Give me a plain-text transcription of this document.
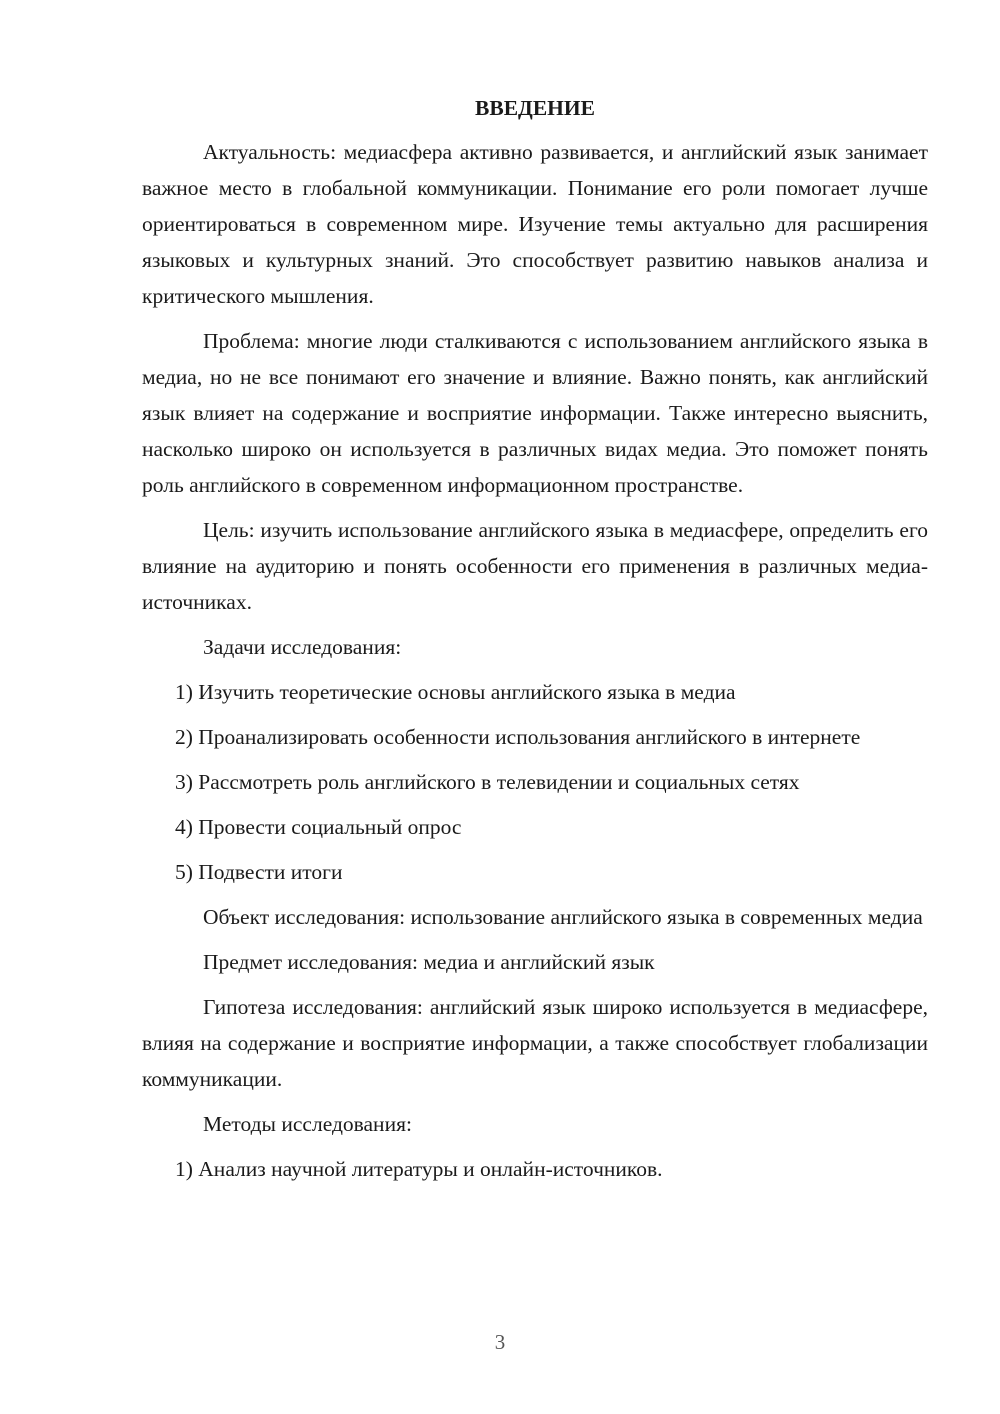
ВВЕДЕНИЕ

Актуальность: медиасфера активно развивается, и английский язык занимает важное место в глобальной коммуникации. Понимание его роли помогает лучше ориентироваться в современном мире. Изучение темы актуально для расширения языковых и культурных знаний. Это способствует развитию навыков анализа и критического мышления.

Проблема: многие люди сталкиваются с использованием английского языка в медиа, но не все понимают его значение и влияние. Важно понять, как английский язык влияет на содержание и восприятие информации. Также интересно выяснить, насколько широко он используется в различных видах медиа. Это поможет понять роль английского в современном информационном пространстве.

Цель: изучить использование английского языка в медиасфере, определить его влияние на аудиторию и понять особенности его применения в различных медиа-источниках.

Задачи исследования:

1) Изучить теоретические основы английского языка в медиа

2) Проанализировать особенности использования английского в интернете

3) Рассмотреть роль английского в телевидении и социальных сетях

4) Провести социальный опрос

5) Подвести итоги

Объект исследования: использование английского языка в современных медиа

Предмет исследования: медиа и английский язык

Гипотеза исследования: английский язык широко используется в медиасфере, влияя на содержание и восприятие информации, а также способствует глобализации коммуникации.

Методы исследования:

1) Анализ научной литературы и онлайн-источников.

3
